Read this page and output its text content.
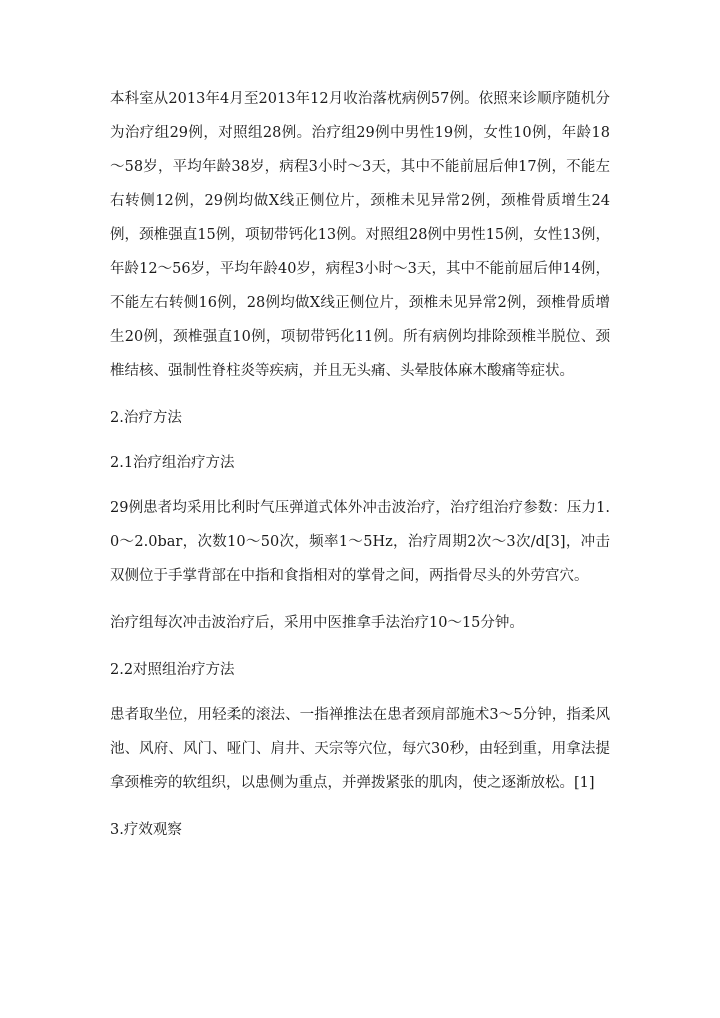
本科室从2013年4月至2013年12月收治落枕病例57例。依照来诊顺序随机分为治疗组29例，对照组28例。治疗组29例中男性19例，女性10例，年龄18～58岁，平均年龄38岁，病程3小时～3天，其中不能前屈后伸17例，不能左右转侧12例，29例均做X线正侧位片，颈椎未见异常2例，颈椎骨质增生24例，颈椎强直15例，项韧带钙化13例。对照组28例中男性15例，女性13例，年龄12～56岁，平均年龄40岁，病程3小时～3天，其中不能前屈后伸14例，不能左右转侧16例，28例均做X线正侧位片，颈椎未见异常2例，颈椎骨质增生20例，颈椎强直10例，项韧带钙化11例。所有病例均排除颈椎半脱位、颈椎结核、强制性脊柱炎等疾病，并且无头痛、头晕肢体麻木酸痛等症状。

2.治疗方法
2.1治疗组治疗方法

29例患者均采用比利时气压弹道式体外冲击波治疗，治疗组治疗参数：压力1.0～2.0bar，次数10～50次，频率1～5Hz，治疗周期2次～3次/d[3]，冲击双侧位于手掌背部在中指和食指相对的掌骨之间，两指骨尽头的外劳宫穴。

治疗组每次冲击波治疗后，采用中医推拿手法治疗10～15分钟。

2.2对照组治疗方法

患者取坐位，用轻柔的滚法、一指禅推法在患者颈肩部施术3～5分钟，指柔风池、风府、风门、哑门、肩井、天宗等穴位，每穴30秒，由轻到重，用拿法提拿颈椎旁的软组织，以患侧为重点，并弹拨紧张的肌肉，使之逐渐放松。[1]

3.疗效观察
